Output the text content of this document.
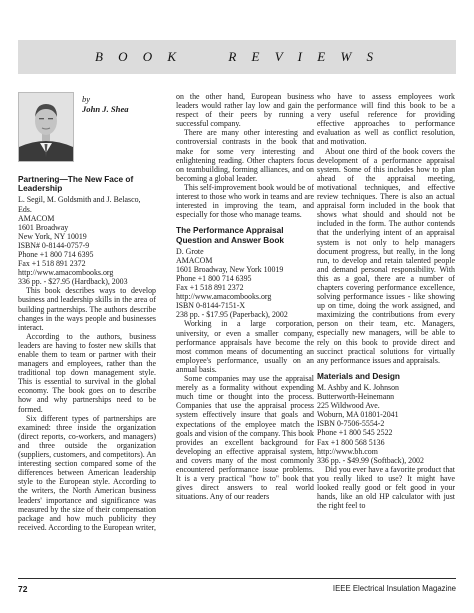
B O O K     R E V I E W S
by
John J. Shea
Partnering—The New Face of Leadership

L. Segil, M. Goldsmith and J. Belasco, Eds.
AMACOM
1601 Broadway
New York, NY 10019
ISBN# 0-8144-0757-9
Phone +1 800 714 6395
Fax +1 518 891 2372
http://www.amacombooks.org
336 pp. - $27.95 (Hardback), 2003

This book describes ways to develop business and leadership skills in the area of building partnerships. The authors describe changes in the ways people and businesses interact.

According to the authors, business leaders are having to foster new skills that enable them to team or partner with their managers and employees, rather than the traditional top down management style. This is essential to survival in the global economy. The book goes on to describe how and why partnerships need to be formed.

Six different types of partnerships are examined: three inside the organization (direct reports, co-workers, and managers) and three outside the organization (suppliers, customers, and competitors). An interesting section compared some of the differences between American leadership style to the European style. According to the writers, the North American business leaders' importance and significance was measured by the size of their compensation package and how much publicity they received. According to the European writer,

on the other hand, European business leaders would rather lay low and gain the respect of their peers by running a successful company.

There are many other interesting and controversial contrasts in the book that make for some very interesting and enlightening reading. Other chapters focus on teambuilding, forming alliances, and on becoming a global leader.

This self-improvement book would be of interest to those who work in teams and are interested in improving the team, and especially for those who manage teams.

The Performance Appraisal Question and Answer Book

D. Grote
AMACOM
1601 Broadway, New York 10019
Phone +1 800 714 6395
Fax +1 518 891 2372
http://www.amacombooks.org
ISBN 0-8144-7151-X
238 pp. - $17.95 (Paperback), 2002

Working in a large corporation, university, or even a smaller company, performance appraisals have become the most common means of documenting an employee's performance, usually on an annual basis.

Some companies may use the appraisal merely as a formality without expending much time or thought into the process. Companies that use the appraisal process system effectively insure that goals and expectations of the employee match the goals and vision of the company. This book provides an excellent background for developing an effective appraisal system, and covers many of the most commonly encountered performance issue problems. It is a very practical "how to" book that gives direct answers to real world situations. Any of our readers

who have to assess employees work performance will find this book to be a very useful reference for providing effective approaches to performance evaluation as well as conflict resolution, and motivation.

About one third of the book covers the development of a performance appraisal system. Some of this includes how to plan ahead of the appraisal meeting, motivational techniques, and effective review techniques. There is also an actual appraisal form included in the book that shows what should and should not be included in the form. The author contends that the underlying intent of an appraisal system is not only to help managers document progress, but really, in the long run, to develop and retain talented people and demand personal responsibility. With this as a goal, there are a number of chapters covering performance excellence, solving performance issues - like showing up on time, doing the work assigned, and maximizing the contributions from every person on their team, etc. Managers, especially new managers, will be able to rely on this book to provide direct and succinct practical solutions for virtually any performance issues and appraisals.

Materials and Design

M. Ashby and K. Johnson
Butterworth-Heinemann
225 Wildwood Ave.
Woburn, MA 01801-2041
ISBN 0-7506-5554-2
Phone +1 800 545 2522
Fax +1 800 568 5136
http://www.bh.com
336 pp. - $49.99 (Softback), 2002

Did you ever have a favorite product that you really liked to use? It might have looked really good or felt good in your hands, like an old HP calculator with just the right feel to

72	IEEE Electrical Insulation Magazine
